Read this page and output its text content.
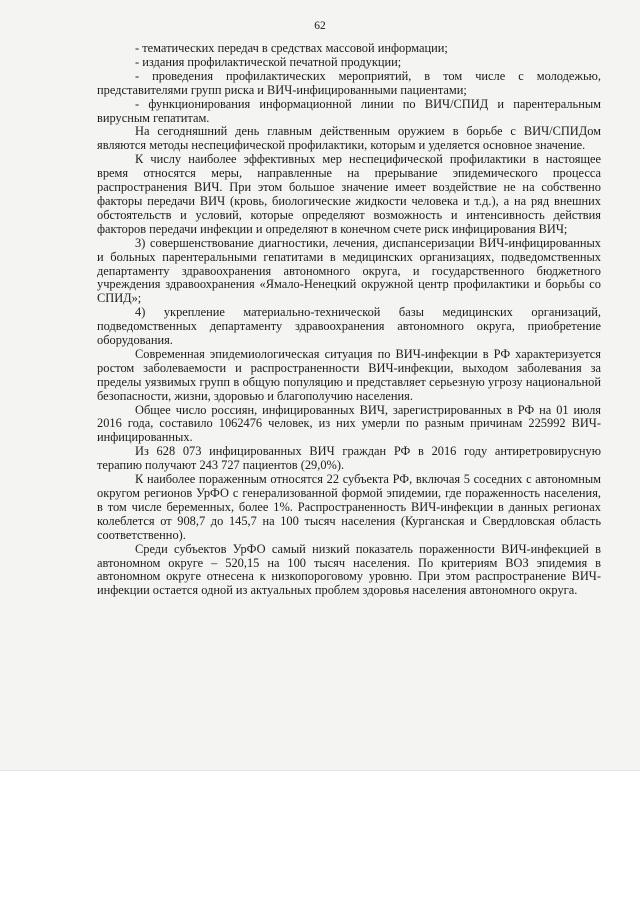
62

- тематических передач в средствах массовой информации;

- издания профилактической печатной продукции;

- проведения профилактических мероприятий, в том числе с молодежью, представителями групп риска и ВИЧ-инфицированными пациентами;

- функционирования информационной линии по ВИЧ/СПИД и парентеральным вирусным гепатитам.

На сегодняшний день главным действенным оружием в борьбе с ВИЧ/СПИДом являются методы неспецифической профилактики, которым и уделяется основное значение.

К числу наиболее эффективных мер неспецифической профилактики в настоящее время относятся меры, направленные на прерывание эпидемического процесса распространения ВИЧ. При этом большое значение имеет воздействие не на собственно факторы передачи ВИЧ (кровь, биологические жидкости человека и т.д.), а на ряд внешних обстоятельств и условий, которые определяют возможность и интенсивность действия факторов передачи инфекции и определяют в конечном счете риск инфицирования ВИЧ;

3) совершенствование диагностики, лечения, диспансеризации ВИЧ-инфицированных и больных парентеральными гепатитами в медицинских организациях, подведомственных департаменту здравоохранения автономного округа, и государственного бюджетного учреждения здравоохранения «Ямало-Ненецкий окружной центр профилактики и борьбы со СПИД»;

4) укрепление материально-технической базы медицинских организаций, подведомственных департаменту здравоохранения автономного округа, приобретение оборудования.

Современная эпидемиологическая ситуация по ВИЧ-инфекции в РФ характеризуется ростом заболеваемости и распространенности ВИЧ-инфекции, выходом заболевания за пределы уязвимых групп в общую популяцию и представляет серьезную угрозу национальной безопасности, жизни, здоровью и благополучию населения.

Общее число россиян, инфицированных ВИЧ, зарегистрированных в РФ на 01 июля 2016 года, составило 1062476 человек, из них умерли по разным причинам 225992 ВИЧ-инфицированных.

Из 628 073 инфицированных ВИЧ граждан РФ в 2016 году антиретровирусную терапию получают 243 727 пациентов (29,0%).

К наиболее пораженным относятся 22 субъекта РФ, включая 5 соседних с автономным округом регионов УрФО с генерализованной формой эпидемии, где пораженность населения, в том числе беременных, более 1%. Распространенность ВИЧ-инфекции в данных регионах колеблется от 908,7 до 145,7 на 100 тысяч населения (Курганская и Свердловская область соответственно).

Среди субъектов УрФО самый низкий показатель пораженности ВИЧ-инфекцией в автономном округе – 520,15 на 100 тысяч населения. По критериям ВОЗ эпидемия в автономном округе отнесена к низкопороговому уровню. При этом распространение ВИЧ-инфекции остается одной из актуальных проблем здоровья населения автономного округа.
